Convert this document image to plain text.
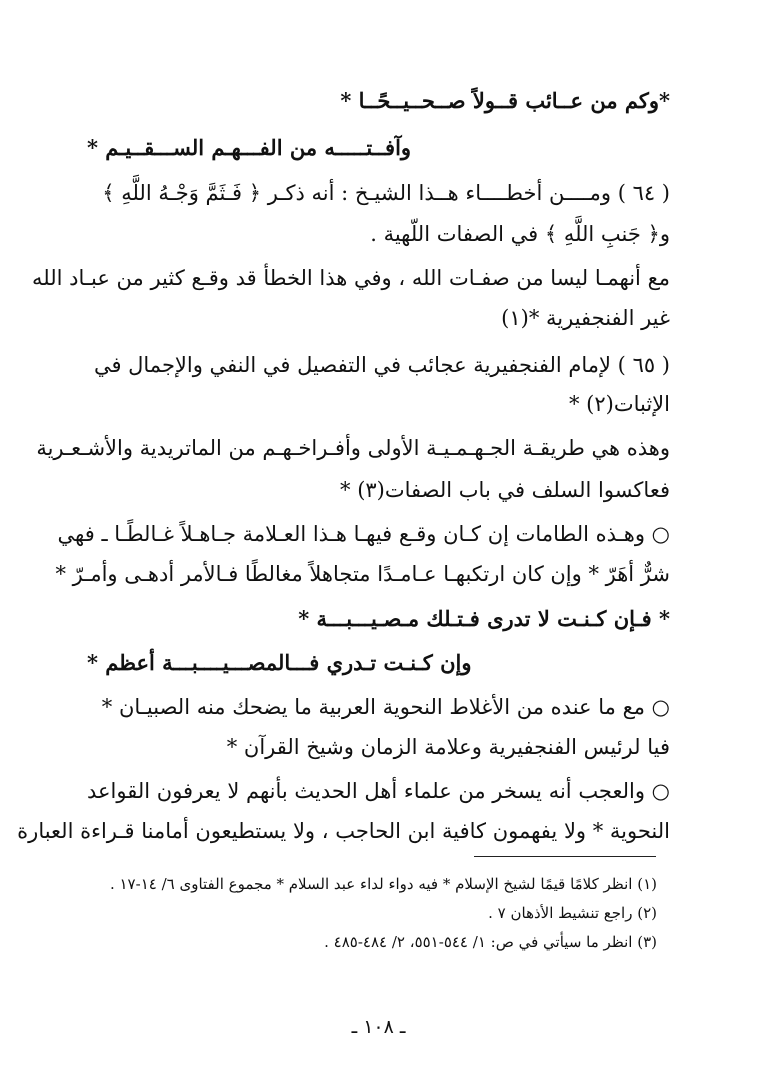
*وكم من عــائب قــولاً صــحــيــحًــا *
وآفــتـــــه من الفـــهـم الســـقــيـم *
( ٦٤ ) ومــــن أخطــــاء هــذا الشيـخ : أنه ذكـر ﴿ فَـثَمَّ وَجْـهُ اللَّهِ ﴾
و﴿ جَنبِ اللَّهِ ﴾ في الصفات اللّهية .
مع أنهمـا ليسا من صفـات الله ، وفي هذا الخطأ قد وقـع كثير من عبـاد الله
غير الفنجفيرية *(١)
( ٦٥ ) لإمام الفنجفيرية عجائب في التفصيل في النفي والإجمال في
الإثبات(٢) *
وهذه هي طريقـة الجـهـمـيـة الأولى وأفـراخـهـم من الماتريدية والأشـعـرية
فعاكسوا السلف في باب الصفات(٣) *
○ وهـذه الطامات إن كـان وقـع فيهـا هـذا العـلامة جـاهـلاً غـالطًـا ـ فهي
شرٌّ أهَرّ * وإن كان ارتكبهـا عـامـدًا متجاهلاً مغالطًا فـالأمر أدهـى وأمـرّ *
* فـإن كـنـت لا تدرى فـتـلك مـصـيـــبـــة *
وإن كـنـت تـدري فـــالمصـــيــــبـــة أعظم *
○ مع ما عنده من الأغلاط النحوية العربية ما يضحك منه الصبيـان *
فيا لرئيس الفنجفيرية وعلامة الزمان وشيخ القرآن *
○ والعجب أنه يسخر من علماء أهل الحديث بأنهم لا يعرفون القواعد
النحوية * ولا يفهمون كافية ابن الحاجب ، ولا يستطيعون أمامنا قـراءة العبارة
(١) انظر كلامًا قيمًا لشيخ الإسلام * فيه دواء لداء عبد السلام * مجموع الفتاوى ٦/ ١٤-١٧ .
(٢) راجع تنشيط الأذهان ٧ .
(٣) انظر ما سيأتي في ص: ١/ ٥٤٤-٥٥١، ٢/ ٤٨٤-٤٨٥ .
ـ ١٠٨ ـ
